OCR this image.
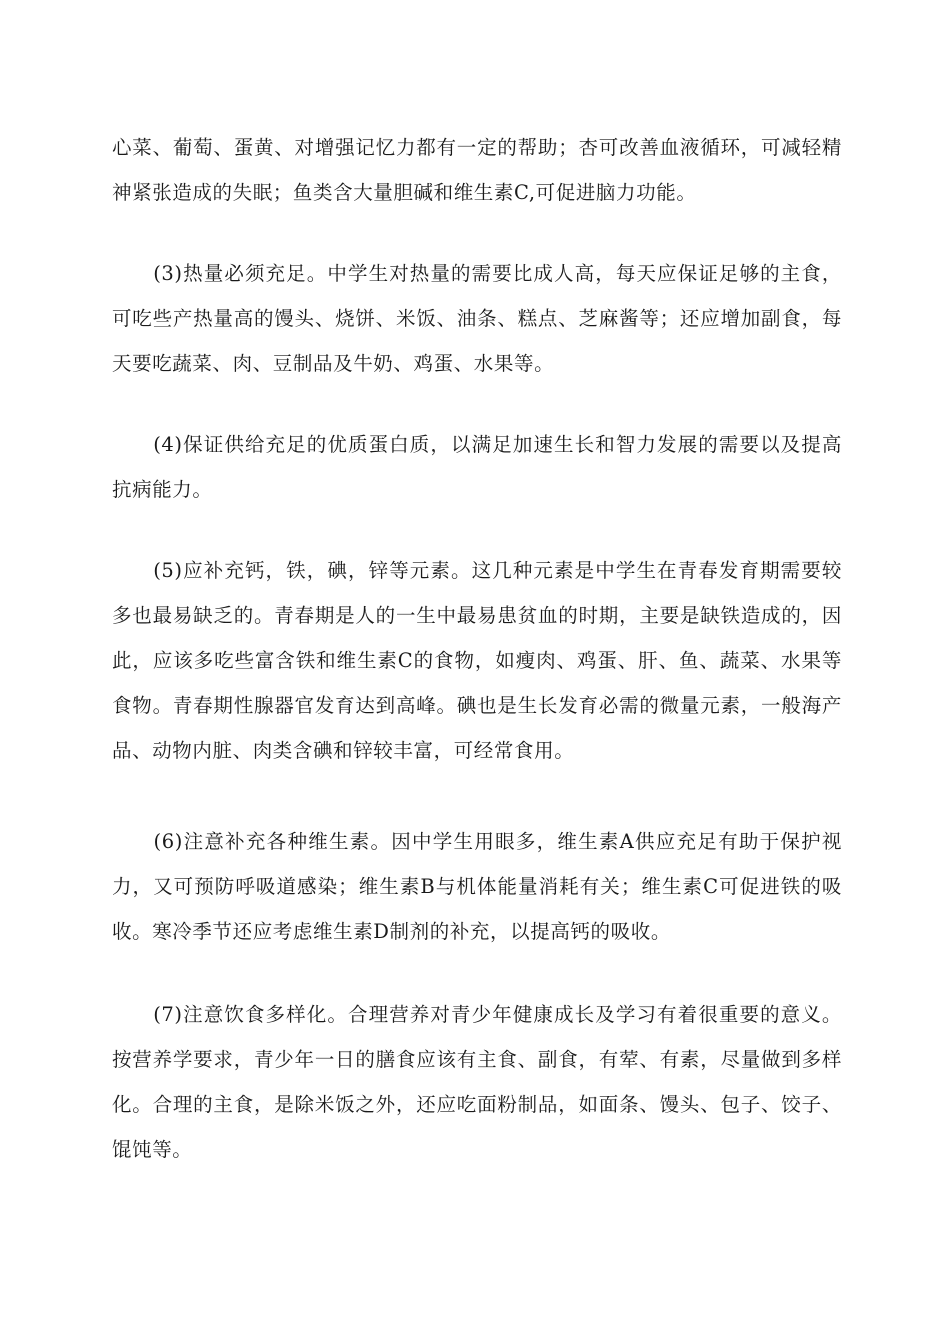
心菜、葡萄、蛋黄、对增强记忆力都有一定的帮助；杏可改善血液循环，可减轻精
神紧张造成的失眠；鱼类含大量胆碱和维生素C,可促进脑力功能。
　　(3)热量必须充足。中学生对热量的需要比成人高，每天应保证足够的主食，
可吃些产热量高的馒头、烧饼、米饭、油条、糕点、芝麻酱等；还应增加副食，每
天要吃蔬菜、肉、豆制品及牛奶、鸡蛋、水果等。
　　(4)保证供给充足的优质蛋白质，以满足加速生长和智力发展的需要以及提高
抗病能力。
　　(5)应补充钙，铁，碘，锌等元素。这几种元素是中学生在青春发育期需要较
多也最易缺乏的。青春期是人的一生中最易患贫血的时期，主要是缺铁造成的，因
此，应该多吃些富含铁和维生素C的食物，如瘦肉、鸡蛋、肝、鱼、蔬菜、水果等
食物。青春期性腺器官发育达到高峰。碘也是生长发育必需的微量元素，一般海产
品、动物内脏、肉类含碘和锌较丰富，可经常食用。
　　(6)注意补充各种维生素。因中学生用眼多，维生素A供应充足有助于保护视
力，又可预防呼吸道感染；维生素B与机体能量消耗有关；维生素C可促进铁的吸
收。寒冷季节还应考虑维生素D制剂的补充，以提高钙的吸收。
　　(7)注意饮食多样化。合理营养对青少年健康成长及学习有着很重要的意义。
按营养学要求，青少年一日的膳食应该有主食、副食，有荤、有素，尽量做到多样
化。合理的主食，是除米饭之外，还应吃面粉制品，如面条、馒头、包子、饺子、
馄饨等。
